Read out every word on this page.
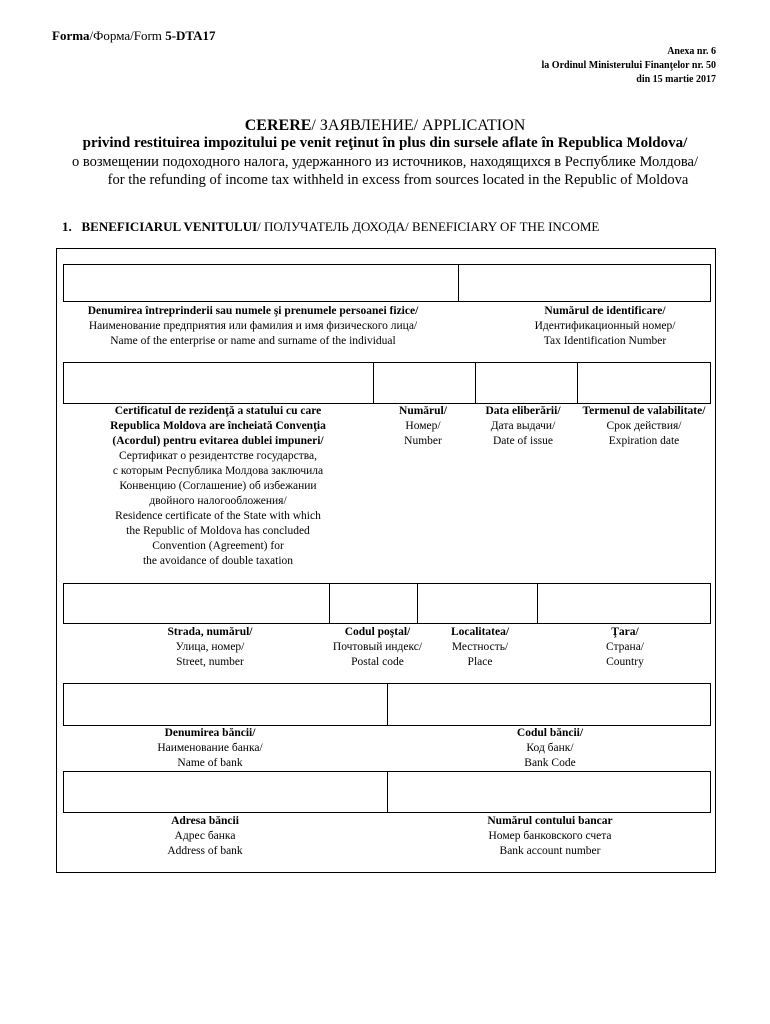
Forma/Форма/Form 5-DTA17
Anexa nr. 6
la Ordinul Ministerului Finanţelor nr. 50
din 15 martie 2017
CERERE/ ЗАЯВЛЕНИЕ/ APPLICATION
privind restituirea impozitului pe venit reţinut în plus din sursele aflate în Republica Moldova/
о возмещении подоходного налога, удержанного из источников, находящихся в Республике Молдова/
for the refunding of income tax withheld in excess from sources located in the Republic of Moldova
1. BENEFICIARUL VENITULUI/ ПОЛУЧАТЕЛЬ ДОХОДА/ BENEFICIARY OF THE INCOME
Denumirea întreprinderii sau numele şi prenumele persoanei fizice/
Наименование предприятия или фамилия и имя физического лица/
Name of the enterprise or name and surname of the individual
Numărul de identificare/
Идентификационный номер/
Tax Identification Number
Certificatul de rezidenţă a statului cu care
Republica Moldova are încheiată Convenţia
(Acordul) pentru evitarea dublei impuneri/
Сертификат о резидентстве государства,
с которым Республика Молдова заключила
Конвенцию (Соглашение) об избежании
двойного налогообложения/
Residence certificate of the State with which
the Republic of Moldova has concluded
Convention (Agreement) for
the avoidance of double taxation
Numărul/
Номер/
Number
Data eliberării/
Дата выдачи/
Date of issue
Termenul de valabilitate/
Срок действия/
Expiration date
Strada, numărul/
Улица, номер/
Street, number
Codul poştal/
Почтовый индекс/
Postal code
Localitatea/
Местность/
Place
Ţara/
Страна/
Country
Denumirea băncii/
Наименование банка/
Name of bank
Codul băncii/
Код банк/
Bank Code
Adresa băncii
Адрес банка
Address of bank
Numărul contului bancar
Номер банковского счета
Bank account number
